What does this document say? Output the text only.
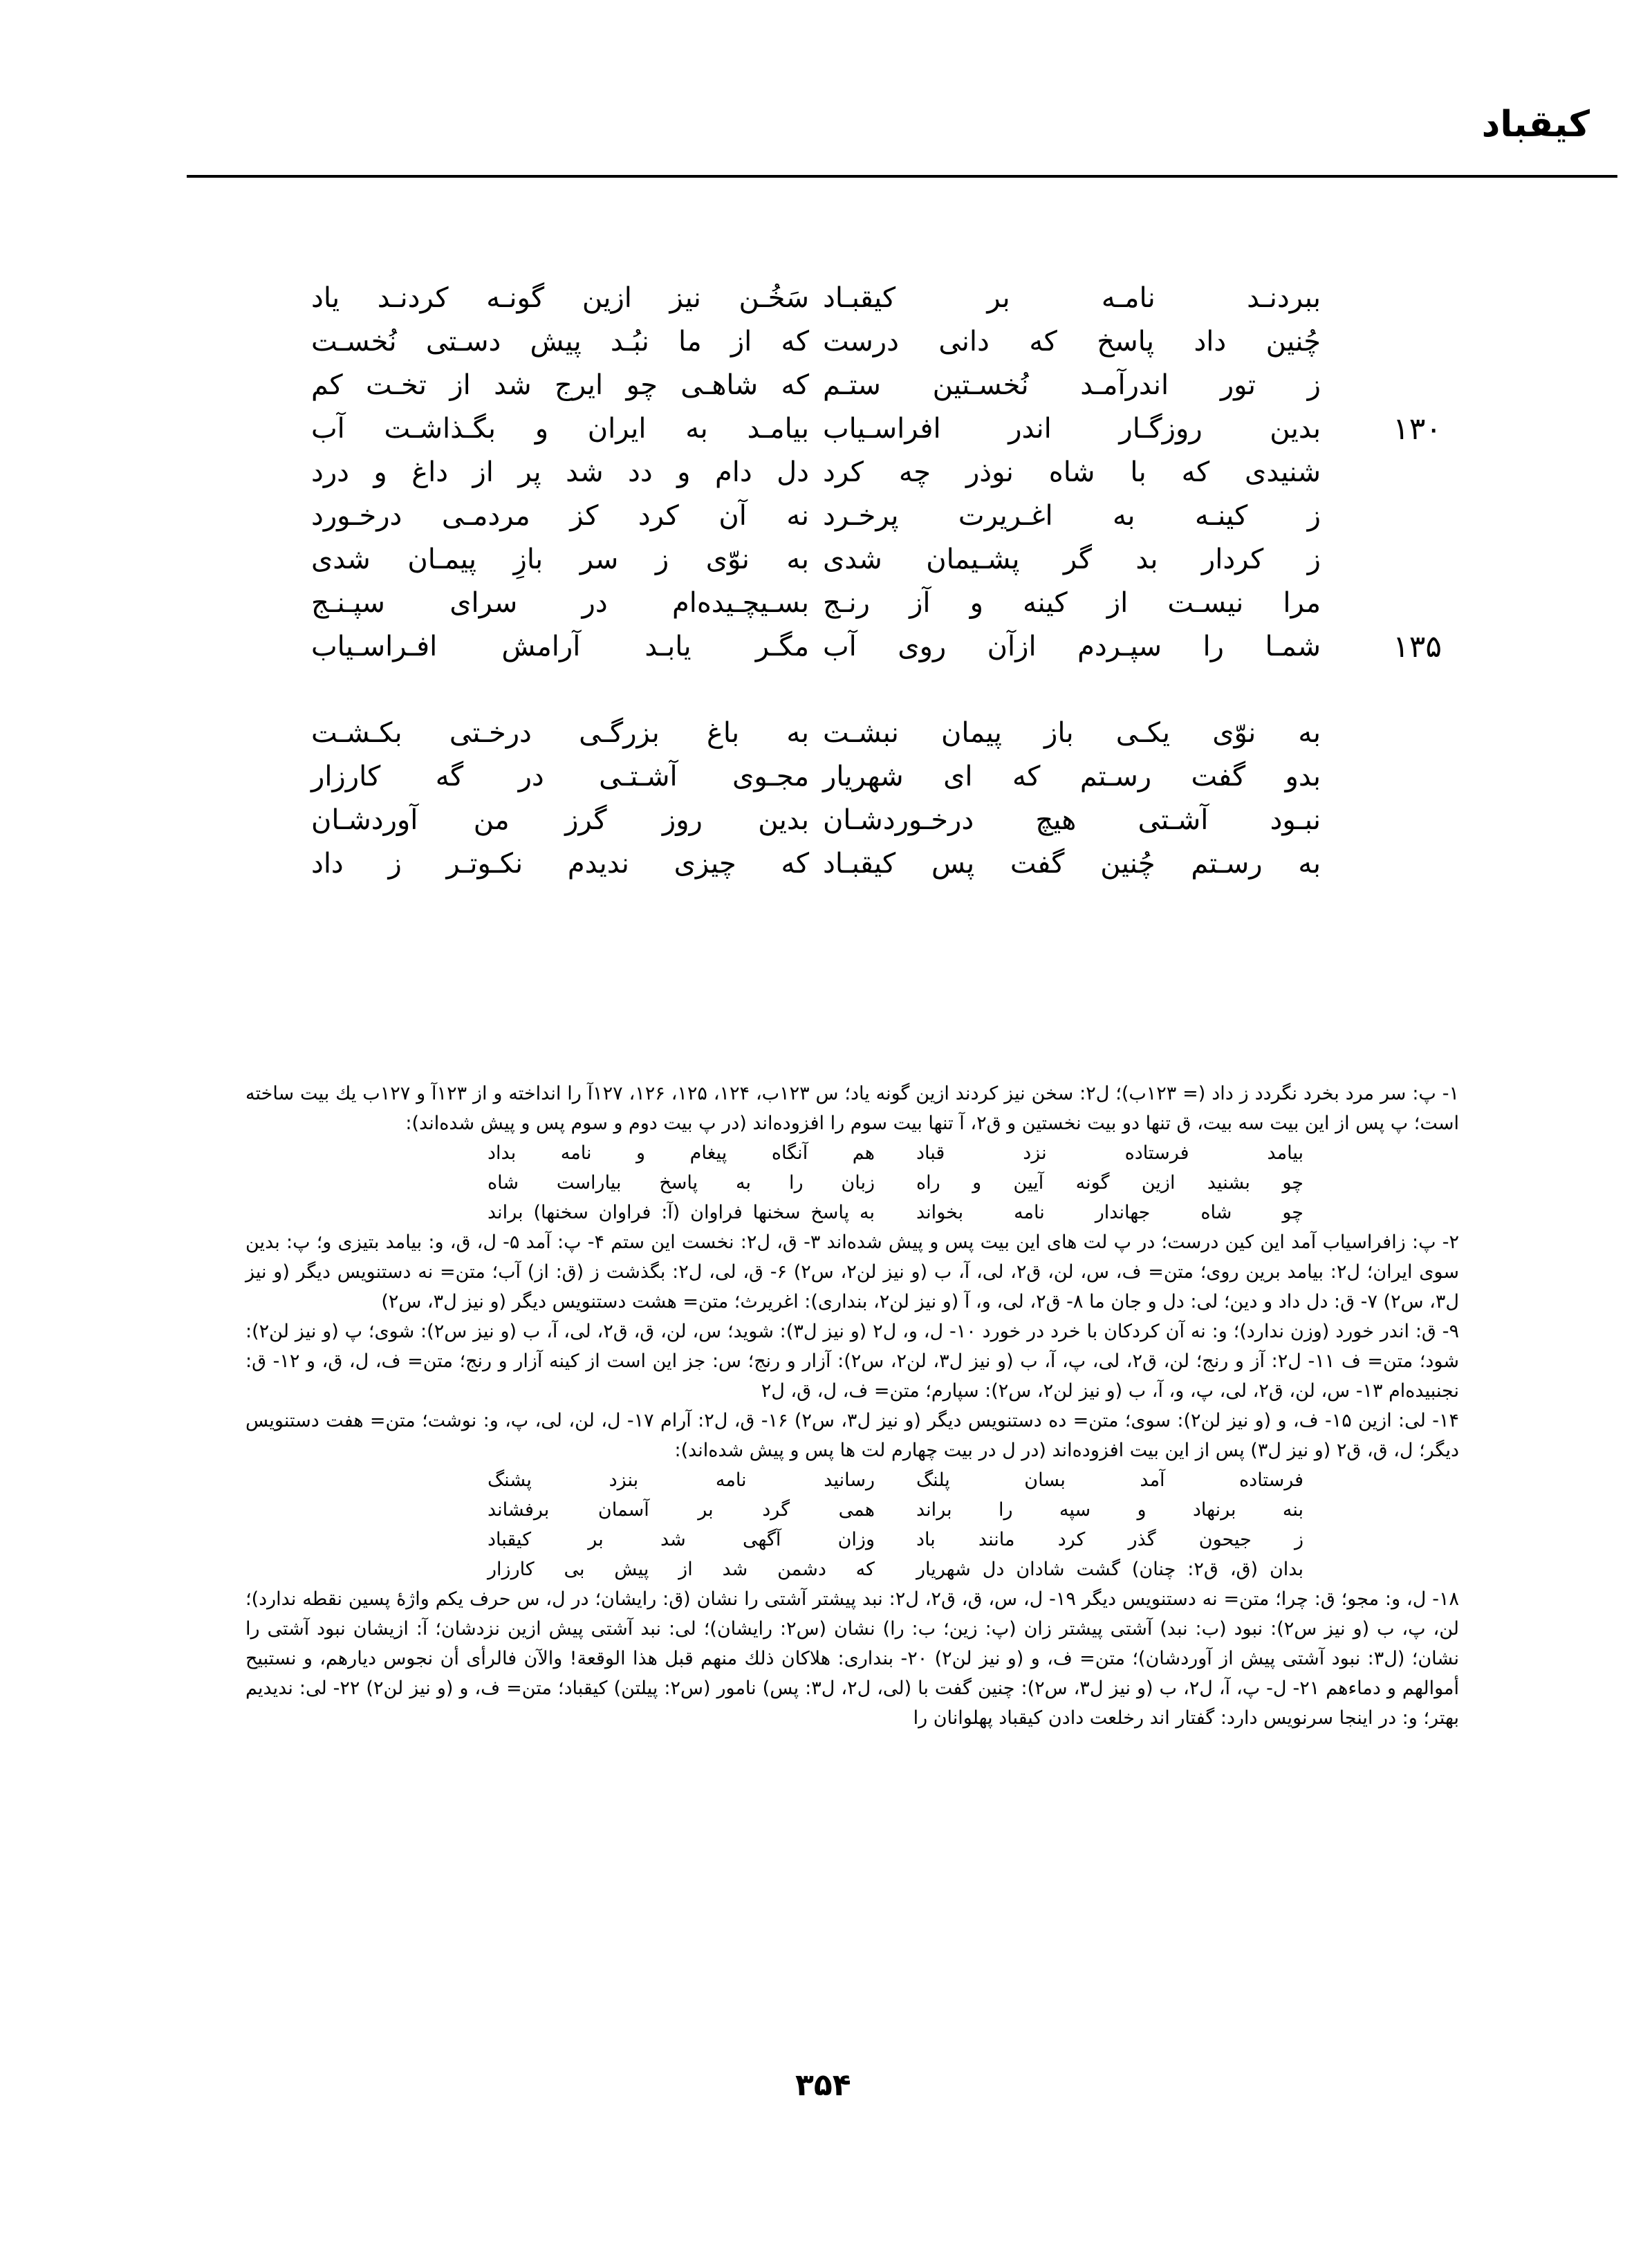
کیقباد
ببردنـد نامـه بر کیقبـاد
چُنین داد پاسخ که دانی درست
ز تور اندرآمـد نُخسـتین ستـم
بدین روزگـار اندر افراسـیاب ۱۳۰
شنیدی که با شاه نوذر چه کرد
ز کینـه به اغـریرت پرخـرد
ز کردار بد گر پشـیمان شدی
مرا نیسـت از کینه و آز رنـج
شمـا را سپـردم ازآن روی آب ۱۳۵
به نوّی یکـی باز پیمان نبشـت
بدو گفت رسـتم که ای شهریار
نبـود آشـتی هیچ درخـوردشـان
به رسـتم چُنین گفت پس کیقبـاد
سَخُـن نیز ازین گونـه کردنـد یاد
که از ما نبُـد پیش دسـتی نُخسـت
که شاهـی چو ایرج شد از تخـت کم
بیامـد به ایران و بگـذاشـت آب
دل دام و دد شد پر از داغ و درد
نه آن کرد کز مردمـی درخـورد
به نوّی ز سر بازِ پیمـان شدی
بسـیچـیده‌ام در سرای سپـنـج
مگـر یابـد آرامش افـراسـیاب
به باغ بزرگـی درخـتی بکـشـت
مجـوی آشـتـی در گه کارزار
بدین روز گرز من آوردشـان
که چیزی ندیدم نکـوتـر ز داد

۱- پ: سر مرد بخرد نگردد ز داد (= ۱۲۳ب)؛ ل۲: سخن نیز کردند ازین گونه یاد؛ س ۱۲۳ب، ۱۲۴، ۱۲۵، ۱۲۶، ۱۲۷آ را انداخته و از ۱۲۳آ و ۱۲۷ب یك بیت ساخته است؛ پ پس از این بیت سه بیت، ق تنها دو بیت نخستین و ق۲، آ تنها بیت سوم را افزوده‌اند (در پ بیت دوم و سوم پس و پیش شده‌اند):

بیامد فرستاده نزد قباد
هم آنگاه پیغام و نامه بداد
چو بشنید ازین گونه آیین و راه
زبان را به پاسخ بیاراست شاه
چو شاه جهاندار نامه بخواند
به پاسخ سخنها فراوان (آ: فراوان سخنها) براند

۲- پ: زافراسیاب آمد این کین درست؛ در پ لت های این بیت پس و پیش شده‌اند ۳- ق، ل۲: نخست این ستم ۴- پ: آمد ۵- ل، ق، و: بیامد بتیزی و؛ پ: بدین سوی ایران؛ ل۲: بیامد برین روی؛ متن= ف، س، لن، ق۲، لی، آ، ب (و نیز لن۲، س۲) ۶- ق، لی، ل۲: بگذشت ز (ق: از) آب؛ متن= نه دستنویس دیگر (و نیز ل۳، س۲) ۷- ق: دل داد و دین؛ لی: دل و جان ما ۸- ق۲، لی، و، آ (و نیز لن۲، بنداری): اغریرث؛ متن= هشت دستنویس دیگر (و نیز ل۳، س۲)

۹- ق: اندر خورد (وزن ندارد)؛ و: نه آن کردکان با خرد در خورد ۱۰- ل، و، ل۲ (و نیز ل۳): شوید؛ س، لن، ق، ق۲، لی، آ، ب (و نیز س۲): شوی؛ پ (و نیز لن۲): شود؛ متن= ف ۱۱- ل۲: آز و رنج؛ لن، ق۲، لی، پ، آ، ب (و نیز ل۳، لن۲، س۲): آزار و رنج؛ س: جز این است از کینه آزار و رنج؛ متن= ف، ل، ق، و ۱۲- ق: نجنبیده‌ام ۱۳- س، لن، ق۲، لی، پ، و، آ، ب (و نیز لن۲، س۲): سپارم؛ متن= ف، ل، ق، ل۲

۱۴- لی: ازین ۱۵- ف، و (و نیز لن۲): سوی؛ متن= ده دستنویس دیگر (و نیز ل۳، س۲) ۱۶- ق، ل۲: آرام ۱۷- ل، لن، لی، پ، و: نوشت؛ متن= هفت دستنویس دیگر؛ ل، ق، ق۲ (و نیز ل۳) پس از این بیت افزوده‌اند (در ل در بیت چهارم لت ها پس و پیش شده‌اند):

فرستاده آمد بسان پلنگ
رسانید نامه بنزد پشنگ
بنه برنهاد و سپه را براند
همی گرد بر آسمان برفشاند
ز جیحون گذر کرد مانند باد
وزان آگهی شد بر کیقباد
بدان (ق، ق۲: چنان) گشت شادان دل شهریار
که دشمن شد از پیش بی کارزار

۱۸- ل، و: مجو؛ ق: چرا؛ متن= نه دستنویس دیگر ۱۹- ل، س، ق، ق۲، ل۲: نبد پیشتر آشتی را نشان (ق: رایشان؛ در ل، س حرف یکم واژهٔ پسین نقطه ندارد)؛ لن، پ، ب (و نیز س۲): نبود (ب: نبد) آشتی پیشتر زان (پ: زین؛ ب: را) نشان (س۲: رایشان)؛ لی: نبد آشتی پیش ازین نزدشان؛ آ: ازیشان نبود آشتی را نشان؛ (ل۳: نبود آشتی پیش از آوردشان)؛ متن= ف، و (و نیز لن۲) ۲۰- بنداری: هلاکان ذلك منهم قبل هذا الوقعة! والآن فالرأی أن نجوس دیارهم، و نستبیح أموالهم و دماءهم ۲۱- ل- پ، آ، ل۲، ب (و نیز ل۳، س۲): چنین گفت با (لی، ل۲، ل۳: پس) نامور (س۲: پیلتن) کیقباد؛ متن= ف، و (و نیز لن۲) ۲۲- لی: ندیدیم بهتر؛ و: در اینجا سرنویس دارد: گفتار اند رخلعت دادن کیقباد پهلوانان را

۳۵۴
